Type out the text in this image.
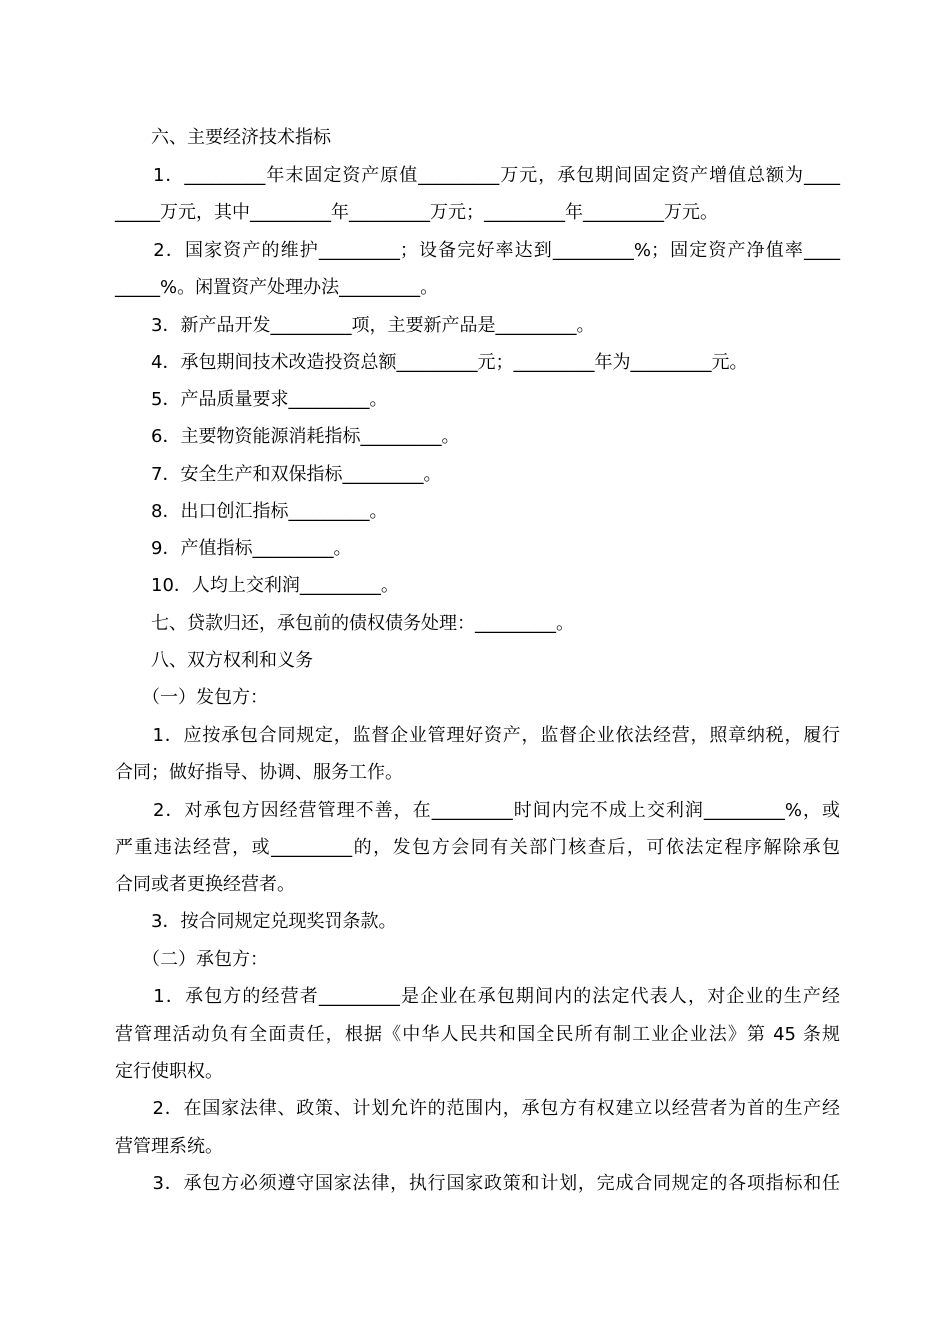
　　六、主要经济技术指标
　　1．_________年末固定资产原值_________万元，承包期间固定资产增值总额为____
_____万元，其中_________年_________万元；_________年_________万元。
　　2．国家资产的维护_________；设备完好率达到_________%；固定资产净值率____
_____%。闲置资产处理办法_________。
　　3．新产品开发_________项，主要新产品是_________。
　　4．承包期间技术改造投资总额_________元；_________年为_________元。
　　5．产品质量要求_________。
　　6．主要物资能源消耗指标_________。
　　7．安全生产和双保指标_________。
　　8．出口创汇指标_________。
　　9．产值指标_________。
　　10．人均上交利润_________。
　　七、贷款归还，承包前的债权债务处理：_________。
　　八、双方权利和义务
　　（一）发包方：
　　1．应按承包合同规定，监督企业管理好资产，监督企业依法经营，照章纳税，履行
合同；做好指导、协调、服务工作。
　　2．对承包方因经营管理不善，在_________时间内完不成上交利润_________%，或
严重违法经营，或_________的，发包方会同有关部门核查后，可依法定程序解除承包
合同或者更换经营者。
　　3．按合同规定兑现奖罚条款。
　　（二）承包方：
　　1．承包方的经营者_________是企业在承包期间内的法定代表人，对企业的生产经
营管理活动负有全面责任，根据《中华人民共和国全民所有制工业企业法》第 45 条规
定行使职权。
　　2．在国家法律、政策、计划允许的范围内，承包方有权建立以经营者为首的生产经
营管理系统。
　　3．承包方必须遵守国家法律，执行国家政策和计划，完成合同规定的各项指标和任
